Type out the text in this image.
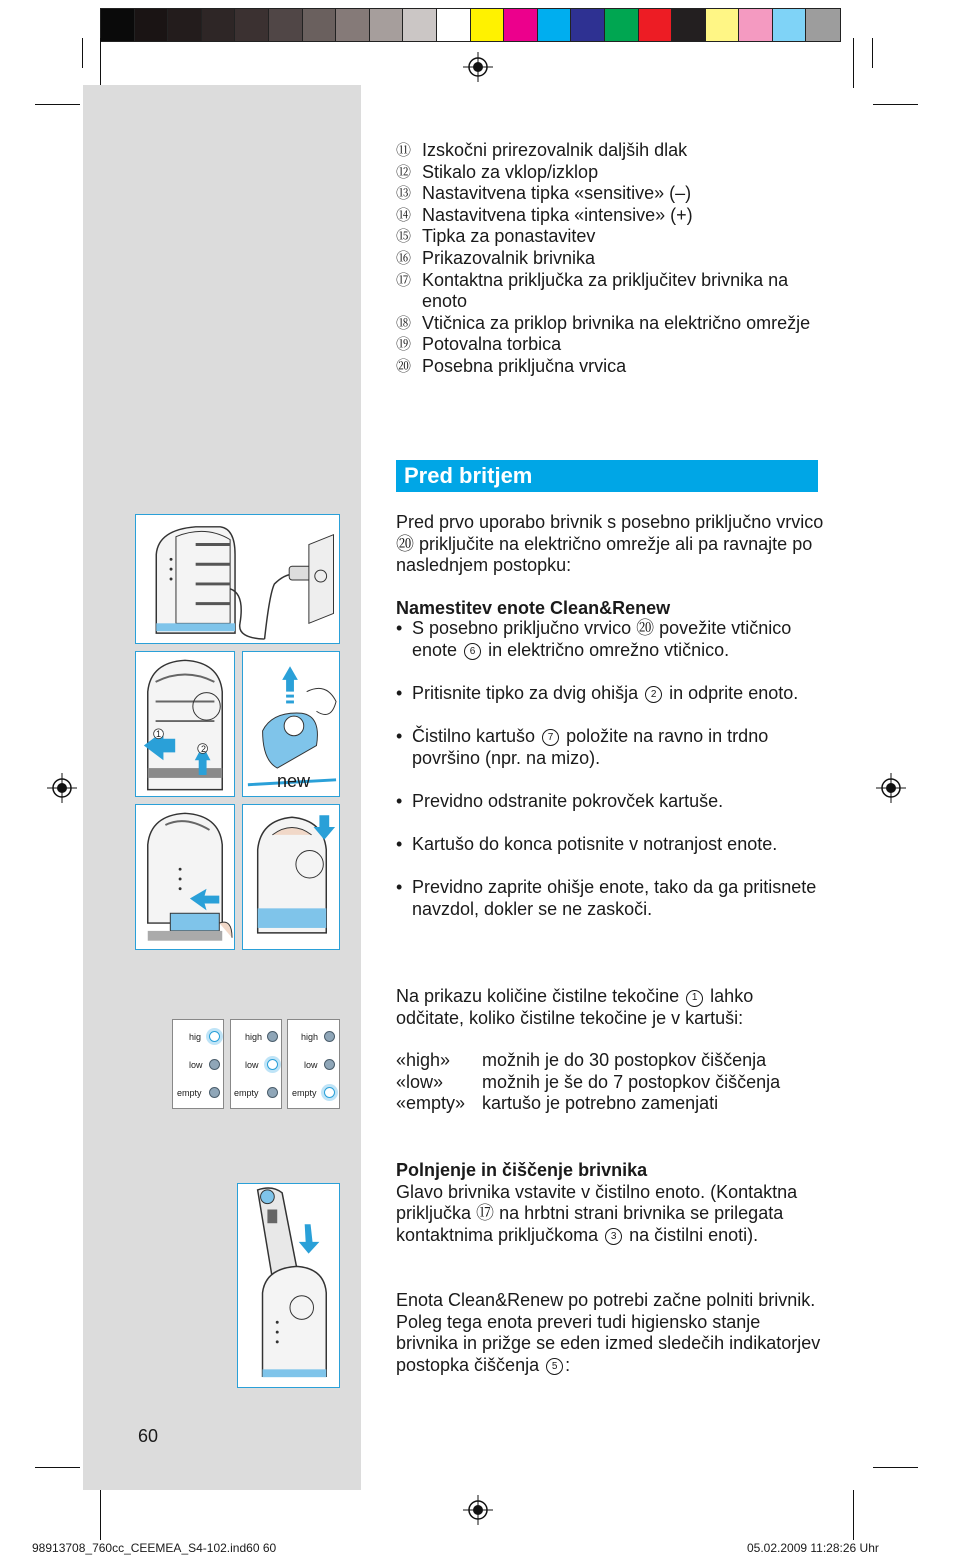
1
2
new
hig
low
empty
high
low
empty
high
low
empty
⑪ Izskočni prirezovalnik daljših dlak
⑫ Stikalo za vklop/izklop
⑬ Nastavitvena tipka «sensitive» (–)
⑭ Nastavitvena tipka «intensive» (+)
⑮ Tipka za ponastavitev
⑯ Prikazovalnik brivnika
⑰ Kontaktna priključka za priključitev brivnika na enoto
⑱ Vtičnica za priklop brivnika na električno omrežje
⑲ Potovalna torbica
⑳ Posebna priključna vrvica
Pred britjem

Pred prvo uporabo brivnik s posebno priključno vrvico ⑳ priključite na električno omrežje ali pa ravnajte po naslednjem postopku:

Namestitev enote Clean&Renew

• S posebno priključno vrvico ⑳ povežite vtičnico enote 6 in električno omrežno vtičnico.
• Pritisnite tipko za dvig ohišja 2 in odprite enoto.
• Čistilno kartušo 7 položite na ravno in trdno površino (npr. na mizo).
• Previdno odstranite pokrovček kartuše.
• Kartušo do konca potisnite v notranjost enote.
• Previdno zaprite ohišje enote, tako da ga pritisnete navzdol, dokler se ne zaskoči.

Na prikazu količine čistilne tekočine 1 lahko odčitate, koliko čistilne tekočine je v kartuši:

«high»	možnih je do 30 postopkov čiščenja
«low»	možnih je še do 7 postopkov čiščenja
«empty» kartušo je potrebno zamenjati
Polnjenje in čiščenje brivnika
Glavo brivnika vstavite v čistilno enoto. (Kontaktna priključka ⑰ na hrbtni strani brivnika se prilegata kontaktnima priključkoma 3 na čistilni enoti).

Enota Clean&Renew po potrebi začne polniti brivnik. Poleg tega enota preveri tudi higiensko stanje brivnika in prižge se eden izmed sledečih indikatorjev postopka čiščenja 5 :

60
98913708_760cc_CEEMEA_S4-102.ind60 60	05.02.2009 11:28:26 Uhr
